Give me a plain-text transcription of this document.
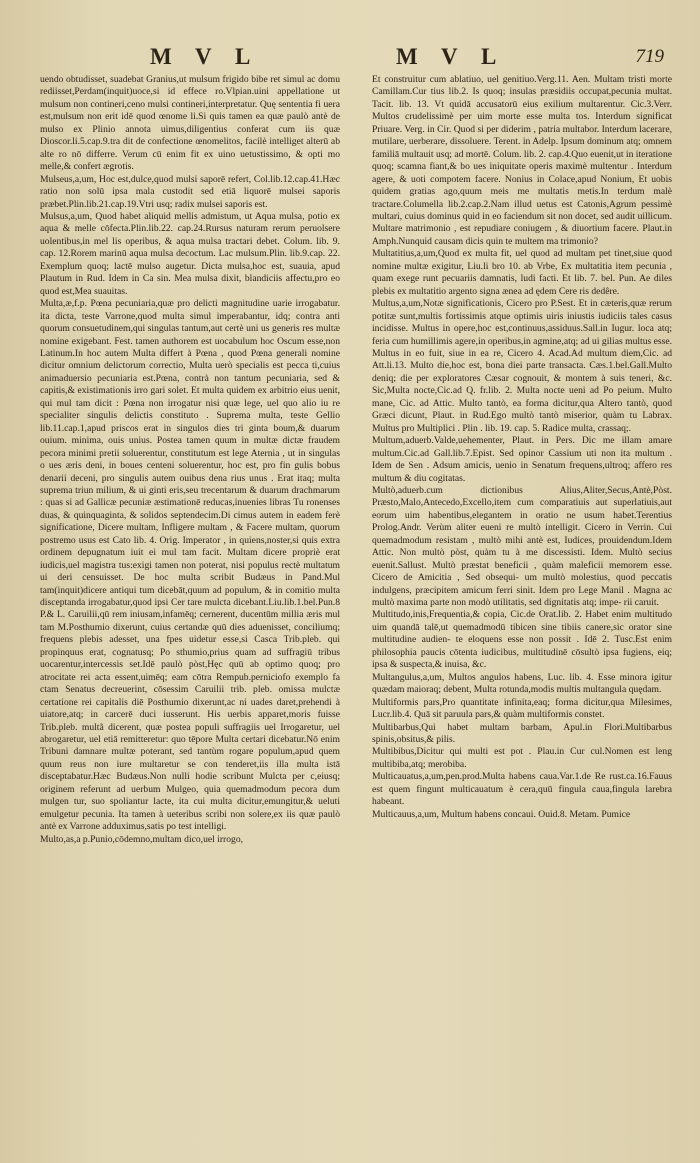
M V L	M V L	719

uendo obtudisset, suadebat Granius,ut mulsum frigido bibe ret simul ac domu rediisset,Perdam(inquit)uoce,si id effece ro.Vlpian.uini appellatione ut mulsum non contineri,ceno mulsi contineri,interpretatur. Quę sententia fi uera est,mulsum non erit idē quod œnome li.Si quis tamen ea quæ paulò antè de mulso ex Plinio annota uimus,diligentius conferat cum iis quæ Dioscor.li.5.cap.9.tra dit de confectione œnomelitos, facilè intelliget alterū ab alte ro nō differre. Verum cū enim fit ex uino uetustissimo, & opti mo melle,& confert ægrotis.

Mulseus,a,um, Hoc est,dulce,quod mulsi saporē refert, Col.lib.12.cap.41.Hæc ratio non solū ipsa mala custodit sed etiā liquorē mulsei saporis præbet.Plin.lib.21.cap.19.Vtri usq; radix mulsei saporis est.

Mulsus,a,um, Quod habet aliquid mellis admistum, ut Aqua mulsa, potio ex aqua & melle cōfecta.Plin.lib.22. cap.24.Rursus naturam rerum peruolsere uolentibus,in mel lis operibus, & aqua mulsa tractari debet. Colum. lib. 9. cap. 12.Rorem marinū aqua mulsa decoctum. Lac mulsum.Plin. lib.9.cap. 22. Exemplum quoq; lactē mulso augetur. Dicta mulsa,hoc est, suauia, apud Plautum in Rud. Idem in Ca sin. Mea mulsa dixit, blandiciis affectu,pro eo quod est,Mea suauitas.

Multa,æ,f.p. Pœna pecuniaria,quæ pro delicti magnitudine uarie irrogabatur. ita dicta, teste Varrone,quod multa simul imperabantur, idq; contra anti quorum consuetudinem,qui singulas tantum,aut certè uni us generis res multæ nomine exigebant. Fest. tamen authorem est uocabulum hoc Oscum esse,non Latinum.In hoc autem Multa differt à Pœna , quod Pœna generali nomine dicitur omnium delictorum correctio, Multa uerò specialis est pecca ti,cuius animaduersio pecuniaria est.Pœna, contrà non tantum pecuniaria, sed & capitis,& existimationis irro gari solet. Et multa quidem ex arbitrio eius uenit, qui mul tam dicit : Pœna non irrogatur nisi quæ lege, uel quo alio iu re specialiter singulis delictis constituto . Suprema multa, teste Gellio lib.11.cap.1,apud priscos erat in singulos dies tri ginta boum,& duarum ouium. minima, ouis unius. Postea tamen quum in multæ dictæ fraudem pecora minimi pretii soluerentur, constitutum est lege Aternia , ut in singulas o ues æris deni, in boues centeni soluerentur, hoc est, pro fin gulis bobus denarii deceni, pro singulis autem ouibus dena rius unus . Erat itaq; multa suprema triun milium, & ui ginti eris,seu trecentarum & duarum drachmarum : quas si ad Gallicæ pecuniæ æstimationē reducas,inuenies libras Tu ronenses duas, & quinquaginta, & solidos septendecim.Di cimus autem in eadem ferè significatione, Dicere multam, Infligere multam , & Facere multam, quorum postremo usus est Cato lib. 4. Orig. Imperator , in quiens,noster,si quis extra ordinem depugnatum iuit ei mul tam facit. Multam dicere propriè erat iudicis,uel magistra tus:exigi tamen non poterat, nisi populus rectè multatum ui deri censuisset. De hoc multa scribit Budæus in Pand.Mul tam(inquit)dicere antiqui tum dicebāt,quum ad populum, & in comitio multa disceptanda irrogabatur,quod ipsi Cer tare mulcta dicebant.Liu.lib.1.bel.Pun.8 P.& L. Caruilii,qū rem iniusam,infamēq; cernerent, ducentūm millia æris mul tam M.Posthumio dixerunt, cuius certandæ quū dies aduenisset, conciliumq; frequens plebis adesset, una fpes uidetur esse,si Casca Trib.pleb. qui propinquus erat, cognatusq; Po sthumio,prius quam ad suffragiū tribus uocarentur,intercessis set.Idē paulò pòst,Hęc quū ab optimo quoq; pro atrocitate rei acta essent,uimēq; eam cōtra Rempub.perniciofo exemplo fa ctam Senatus decreuerint, cōsessim Caruilii trib. pleb. omissa mulctæ certatione rei capitalis diē Posthumio dixerunt,ac ni uades daret,prehendi à uiatore,atq; in carcerē duci iusserunt. His uerbis apparet,moris fuisse Trib.pleb. multã dicerent, quæ postea populi suffragiis uel Irrogaretur, uel abrogaretur, uel etiā remitteretur: quo tēpore Multa certari dicebatur.Nō enim Tribuni damnare multæ poterant, sed tantùm rogare populum,apud quem quum reus non iure multaretur se con tenderet,iis illa multa istā disceptabatur.Hæc Budæus.Non nulli hodie scribunt Mulcta per c,eiusq; originem referunt ad uerbum Mulgeo, quia quemadmodum pecora dum mulgen tur, suo spoliantur lacte, ita cui multa dicitur,emungitur,& ueluti emulgetur pecunia. Ita tamen à ueteribus scribi non solere,ex iis quæ paulò antè ex Varrone adduximus,satis po test intelligi.

Multo,as,a p.Punio,cōdemno,multam dico,uel irrogo,

Et construitur cum ablatiuo, uel genitiuo.Verg.11. Aen. Multam tristi morte Camillam.Cur tius lib.2. Is quoq; insulas præsidiis occupat,pecunia multat. Tacit. lib. 13. Vt quidā accusatorū eius exilium multarentur. Cic.3.Verr. Multos crudelissimè per uim morte esse multa tos. Interdum significat Priuare. Verg. in Cir. Quod si per diderim , patria multabor. Interdum lacerare, mutilare, uerberare, dissoluere. Terent. in Adelp. Ipsum dominum atq; omnem familiā multauit usq; ad mortē. Colum. lib. 2. cap.4.Quo euenit,ut in iteratione quoq; scamna fiant,& bo ues iniquitate operis maximè multentur . Interdum agere, & uoti compotem facere. Nonius in Colace,apud Nonium, Et uobis quidem gratias ago,quum meis me multatis metis.In terdum malè tractare.Columella lib.2.cap.2.Nam illud uetus est Catonis,Agrum pessimè multari, cuius dominus quid in eo faciendum sit non docet, sed audit uillicum. Multare matrimonio , est repudiare coniugem , & diuortium facere. Plaut.in Amph.Nunquid causam dicis quin te multem ma trimonio?

Multatitius,a,um,Quod ex multa fit, uel quod ad multam pet tinet,siue quod nomine multæ exigitur, Liu.li bro 10. ab Vrbe, Ex multatitia item pecunia , quam exege runt pecuariis damnatis, ludi facti. Et lib. 7. bel. Pun. Ae diles plebis ex multatitio argento signa ænea ad ędem Cere ris dedêre.

Multus,a,um,Notæ significationis, Cicero pro P.Sest. Et in cæteris,quæ rerum potitæ sunt,multis fortissimis atque optimis uiris iniustis iudiciis tales casus incidisse. Multus in opere,hoc est,continuus,assiduus.Sall.in Iugur. loca atq; feria cum humillimis agere,in operibus,in agmine,atq; ad ui gilias multus esse. Multus in eo fuit, siue in ea re, Cicero 4. Acad.Ad multum diem,Cic. ad Att.li.13. Multo die,hoc est, bona diei parte transacta. Cæs.1.bel.Gall.Multo deniq; die per exploratores Cæsar cognouit, & montem à suis teneri, &c. Sic,Multa nocte,Cic.ad Q. fr.lib. 2. Multa nocte ueni ad Po peium. Multo mane, Cic. ad Attic. Multo tantò, ea forma dicitur,qua Altero tantò, quod Græci dicunt, Plaut. in Rud.Ego multò tantò miserior, quàm tu Labrax. Multus pro Multiplici . Plin . lib. 19. cap. 5. Radice multa, crassaq;.

Multum,aduerb.Valde,uehementer, Plaut. in Pers. Dic me illam amare multum.Cic.ad Gall.lib.7.Epist. Sed opinor Cassium uti non ita multum . Idem de Sen . Adsum amicis, uenio in Senatum frequens,ultroq; affero res multum & diu cogitatas.

Multò,aduerb.cum dictionibus Alius,Aliter,Secus,Antè,Pòst. Præsto,Malo,Antecedo,Excello,item cum comparatiuis aut superlatiuis,aut eorum uim habentibus,elegantem in oratio ne usum habet.Terentius Prolog.Andr. Verùm aliter eueni re multò intelligit. Cicero in Verrin. Cui quemadmodum resistam , multò mihi antè est, Iudices, prouidendum.Idem Attic. Non multò pòst, quàm tu à me discessisti. Idem. Multò secius euenit.Sallust. Multò præstat beneficii , quàm maleficii memorem esse. Cicero de Amicitia , Sed obsequi- um multò molestius, quod peccatis indulgens, præcipitem amicum ferri sinit. Idem pro Lege Manil . Magna ac multò maxima parte non modò utilitatis, sed dignitatis atq; impe- rii caruit.

Multitudo,inis,Frequentia,& copia, Cic.de Orat.lib. 2. Habet enim multitudo uim quandā talē,ut quemadmodū tibicen sine tibiis canere,sic orator sine multitudine audien- te eloquens esse non possit . Idē 2. Tusc.Est enim philosophia paucis cōtenta iudicibus, multitudinē cōsultò ipsa fugiens, eiq; ipsa & suspecta,& inuisa, &c.

Multangulus,a,um, Multos angulos habens, Luc. lib. 4. Esse minora igitur quædam maioraq; debent, Multa rotunda,modis multis multangula quędam.

Multiformis pars,Pro quantitate infinita,eaq; forma dicitur,qua Milesimes, Lucr.lib.4. Quā sit paruula pars,& quàm multiformis constet.

Multibarbus,Qui habet multam barbam, Apul.in Flori.Multibarbus spinis,obsitus,& pilis.

Multibibus,Dicitur qui multi est pot . Plau.in Cur cul.Nomen est leng multibiba,atq; merobiba.

Multicauatus,a,um,pen.prod.Multa habens caua.Var.1.de Re rust.ca.16.Fauus est quem fingunt multicauatum è cera,quū fingula caua,fingula larebra habeant.

Multicauus,a,um, Multum habens concaui. Ouid.8. Metam. Pumice
